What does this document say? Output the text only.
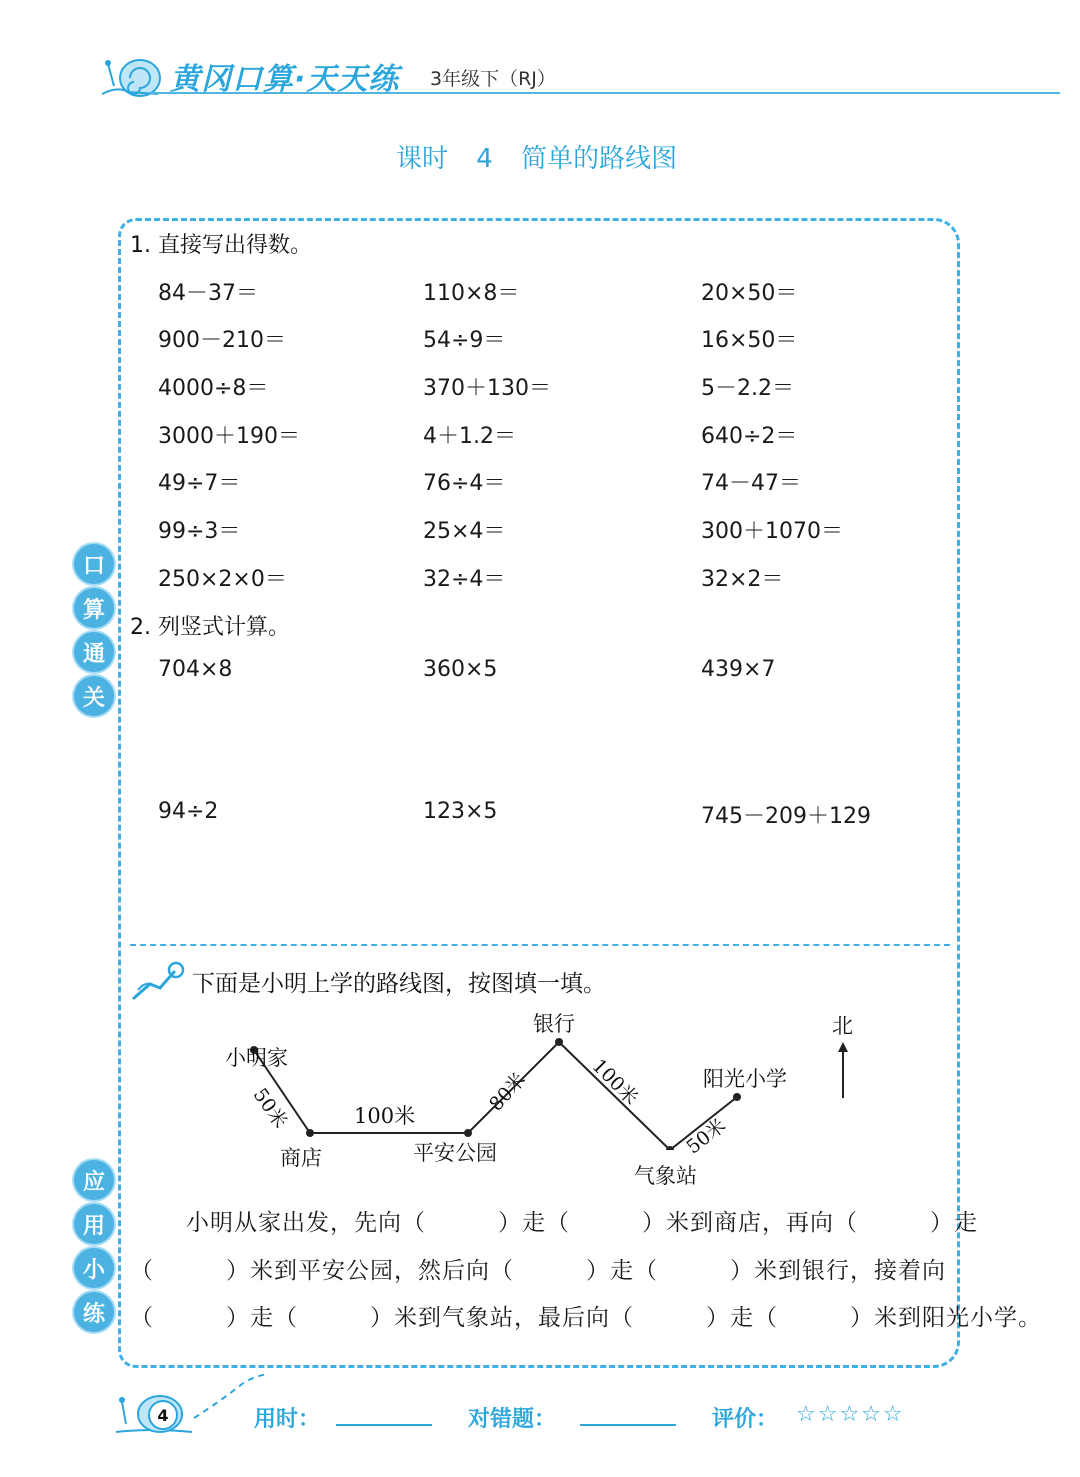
黄冈口算·天天练 3年级下（RJ）
课时 4 简单的路线图
口
算
通
关
应
用
小
练
1. 直接写出得数。
84－37＝	110×8＝	20×50＝
900－210＝	54÷9＝	16×50＝
4000÷8＝	370＋130＝	5－2.2＝
3000＋190＝	4＋1.2＝	640÷2＝
49÷7＝	76÷4＝	74－47＝
99÷3＝	25×4＝	300＋1070＝
250×2×0＝	32÷4＝	32×2＝
2. 列竖式计算。
704×8	360×5	439×7
94÷2	123×5	745－209＋129
下面是小明上学的路线图，按图填一填。
北
小明家
商店	平安公园
银行
气象站
阳光小学
50米	100米
80米	100米
50米
小明从家出发，先向（　　　）走（　　　）米到商店，再向（　　　）走
（　　　）米到平安公园，然后向（　　　）走（　　　）米到银行，接着向
（　　　）走（　　　）米到气象站，最后向（　　　）走（　　　）米到阳光小学。
4	用时：	对错题：	评价： ☆☆☆☆☆
